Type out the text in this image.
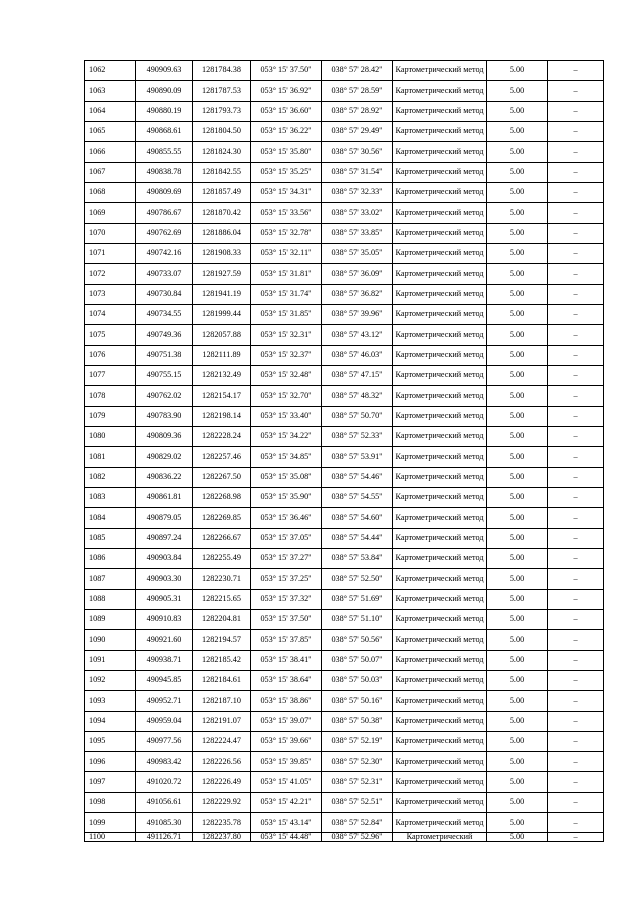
1062	490909.63	1281784.38	053° 15' 37.50"	038° 57' 28.42"	Картометрический метод	5.00	–
1063	490890.09	1281787.53	053° 15' 36.92"	038° 57' 28.59"	Картометрический метод	5.00	–
1064	490880.19	1281793.73	053° 15' 36.60"	038° 57' 28.92"	Картометрический метод	5.00	–
1065	490868.61	1281804.50	053° 15' 36.22"	038° 57' 29.49"	Картометрический метод	5.00	–
1066	490855.55	1281824.30	053° 15' 35.80"	038° 57' 30.56"	Картометрический метод	5.00	–
1067	490838.78	1281842.55	053° 15' 35.25"	038° 57' 31.54"	Картометрический метод	5.00	–
1068	490809.69	1281857.49	053° 15' 34.31"	038° 57' 32.33"	Картометрический метод	5.00	–
1069	490786.67	1281870.42	053° 15' 33.56"	038° 57' 33.02"	Картометрический метод	5.00	–
1070	490762.69	1281886.04	053° 15' 32.78"	038° 57' 33.85"	Картометрический метод	5.00	–
1071	490742.16	1281908.33	053° 15' 32.11"	038° 57' 35.05"	Картометрический метод	5.00	–
1072	490733.07	1281927.59	053° 15' 31.81"	038° 57' 36.09"	Картометрический метод	5.00	–
1073	490730.84	1281941.19	053° 15' 31.74"	038° 57' 36.82"	Картометрический метод	5.00	–
1074	490734.55	1281999.44	053° 15' 31.85"	038° 57' 39.96"	Картометрический метод	5.00	–
1075	490749.36	1282057.88	053° 15' 32.31"	038° 57' 43.12"	Картометрический метод	5.00	–
1076	490751.38	1282111.89	053° 15' 32.37"	038° 57' 46.03"	Картометрический метод	5.00	–
1077	490755.15	1282132.49	053° 15' 32.48"	038° 57' 47.15"	Картометрический метод	5.00	–
1078	490762.02	1282154.17	053° 15' 32.70"	038° 57' 48.32"	Картометрический метод	5.00	–
1079	490783.90	1282198.14	053° 15' 33.40"	038° 57' 50.70"	Картометрический метод	5.00	–
1080	490809.36	1282228.24	053° 15' 34.22"	038° 57' 52.33"	Картометрический метод	5.00	–
1081	490829.02	1282257.46	053° 15' 34.85"	038° 57' 53.91"	Картометрический метод	5.00	–
1082	490836.22	1282267.50	053° 15' 35.08"	038° 57' 54.46"	Картометрический метод	5.00	–
1083	490861.81	1282268.98	053° 15' 35.90"	038° 57' 54.55"	Картометрический метод	5.00	–
1084	490879.05	1282269.85	053° 15' 36.46"	038° 57' 54.60"	Картометрический метод	5.00	–
1085	490897.24	1282266.67	053° 15' 37.05"	038° 57' 54.44"	Картометрический метод	5.00	–
1086	490903.84	1282255.49	053° 15' 37.27"	038° 57' 53.84"	Картометрический метод	5.00	–
1087	490903.30	1282230.71	053° 15' 37.25"	038° 57' 52.50"	Картометрический метод	5.00	–
1088	490905.31	1282215.65	053° 15' 37.32"	038° 57' 51.69"	Картометрический метод	5.00	–
1089	490910.83	1282204.81	053° 15' 37.50"	038° 57' 51.10"	Картометрический метод	5.00	–
1090	490921.60	1282194.57	053° 15' 37.85"	038° 57' 50.56"	Картометрический метод	5.00	–
1091	490938.71	1282185.42	053° 15' 38.41"	038° 57' 50.07"	Картометрический метод	5.00	–
1092	490945.85	1282184.61	053° 15' 38.64"	038° 57' 50.03"	Картометрический метод	5.00	–
1093	490952.71	1282187.10	053° 15' 38.86"	038° 57' 50.16"	Картометрический метод	5.00	–
1094	490959.04	1282191.07	053° 15' 39.07"	038° 57' 50.38"	Картометрический метод	5.00	–
1095	490977.56	1282224.47	053° 15' 39.66"	038° 57' 52.19"	Картометрический метод	5.00	–
1096	490983.42	1282226.56	053° 15' 39.85"	038° 57' 52.30"	Картометрический метод	5.00	–
1097	491020.72	1282226.49	053° 15' 41.05"	038° 57' 52.31"	Картометрический метод	5.00	–
1098	491056.61	1282229.92	053° 15' 42.21"	038° 57' 52.51"	Картометрический метод	5.00	–
1099	491085.30	1282235.78	053° 15' 43.14"	038° 57' 52.84"	Картометрический метод	5.00	–
1100	491126.71	1282237.80	053° 15' 44.48"	038° 57' 52.96"	Картометрический	5.00	–
